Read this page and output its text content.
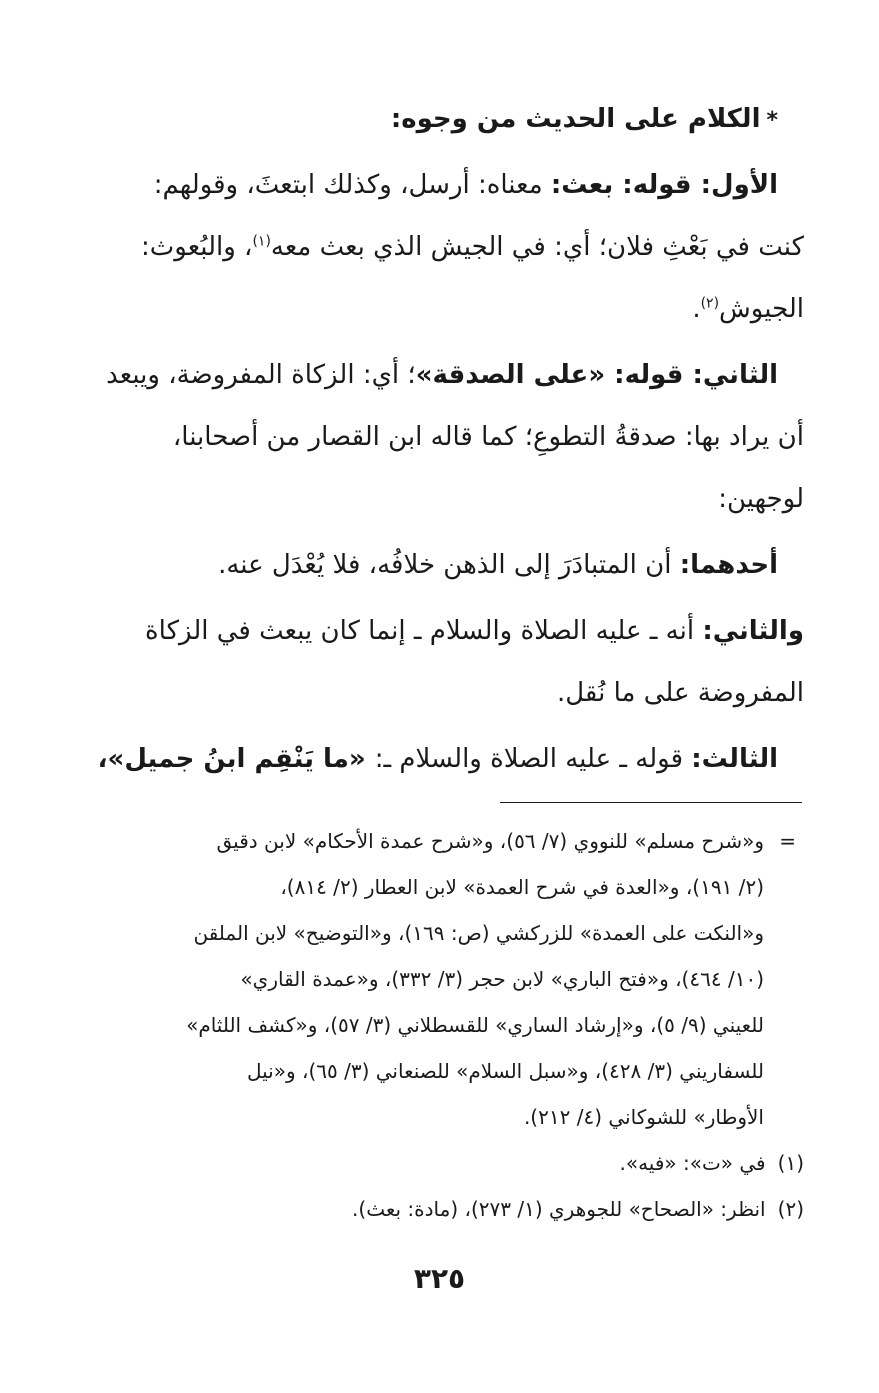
*الكلام على الحديث من وجوه:
الأول: قوله: بعث: معناه: أرسل، وكذلك ابتعثَ، وقولهم:
كنت في بَعْثِ فلان؛ أي: في الجيش الذي بعث معه$^{(١)}$، والبُعوث:
الجيوش$^{(٢)}$.
الثاني: قوله: «على الصدقة»؛ أي: الزكاة المفروضة، ويبعد
أن يراد بها: صدقةُ التطوعِ؛ كما قاله ابن القصار من أصحابنا،
لوجهين:
أحدهما: أن المتبادَرَ إلى الذهن خلافُه، فلا يُعْدَل عنه.
والثاني: أنه ـ عليه الصلاة والسلام ـ إنما كان يبعث في الزكاة
المفروضة على ما نُقل.
الثالث: قوله ـ عليه الصلاة والسلام ـ: «ما يَنْقِم ابنُ جميل»،
=
و«شرح مسلم» للنووي (٧/ ٥٦)، و«شرح عمدة الأحكام» لابن دقيق
(٢/ ١٩١)، و«العدة في شرح العمدة» لابن العطار (٢/ ٨١٤)،
و«النكت على العمدة» للزركشي (ص: ١٦٩)، و«التوضيح» لابن الملقن
(١٠/ ٤٦٤)، و«فتح الباري» لابن حجر (٣/ ٣٣٢)، و«عمدة القاري»
للعيني (٩/ ٥)، و«إرشاد الساري» للقسطلاني (٣/ ٥٧)، و«كشف اللثام»
للسفاريني (٣/ ٤٢٨)، و«سبل السلام» للصنعاني (٣/ ٦٥)، و«نيل
الأوطار» للشوكاني (٤/ ٢١٢).
(١)في «ت»: «فيه».
(٢)انظر: «الصحاح» للجوهري (١/ ٢٧٣)، (مادة: بعث).
٣٢٥
